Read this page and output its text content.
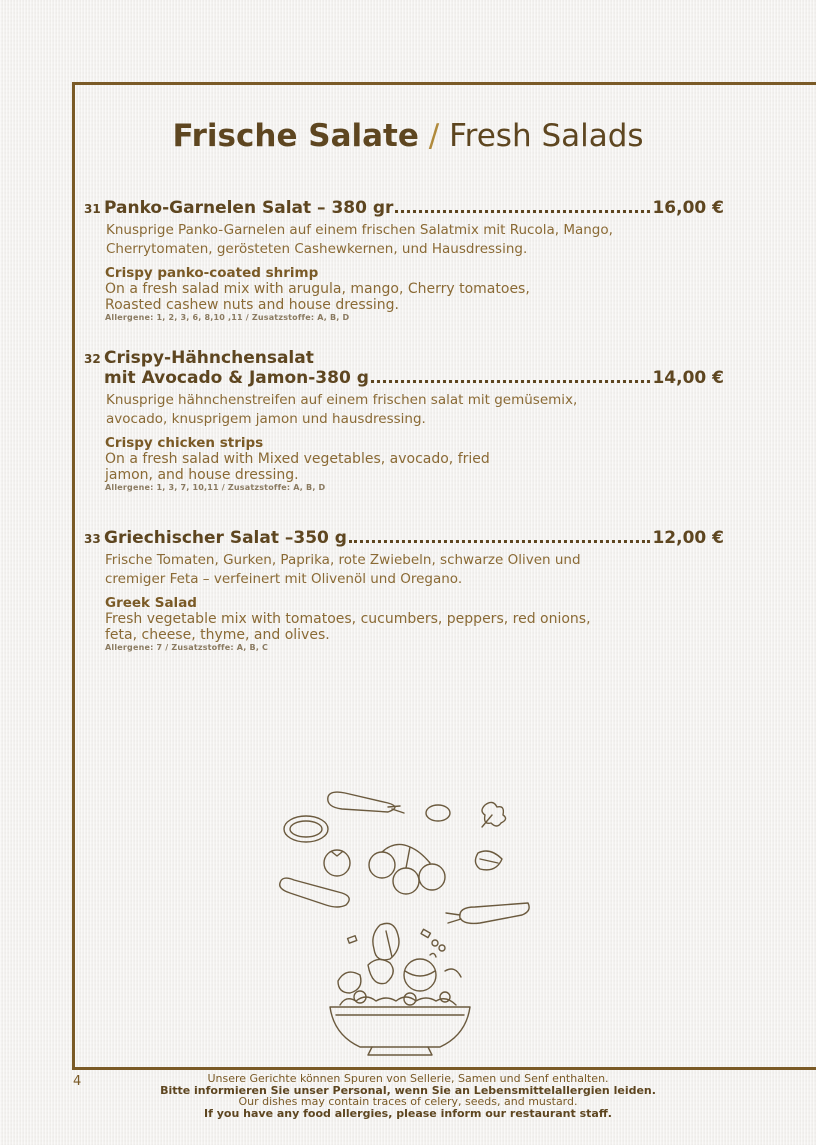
Frische Salate / Fresh Salads
31 Panko-Garnelen Salat – 380 gr	16,00 €
Knusprige Panko-Garnelen auf einem frischen Salatmix mit Rucola, Mango,
Cherrytomaten, gerösteten Cashewkernen, und Hausdressing.
Crispy panko-coated shrimp
On a fresh salad mix with arugula, mango, Cherry tomatoes,
Roasted cashew nuts and house dressing.
Allergene: 1, 2, 3, 6, 8,10 ,11 / Zusatzstoffe: A, B, D
32 Crispy-Hähnchensalat
mit Avocado & Jamon-380 g	14,00 €
Knusprige hähnchenstreifen auf einem frischen salat mit gemüsemix,
avocado, knusprigem jamon und hausdressing.
Crispy chicken strips
On a fresh salad with Mixed vegetables, avocado, fried
jamon, and house dressing.
Allergene: 1, 3, 7, 10,11 / Zusatzstoffe: A, B, D
33 Griechischer Salat –350 g	12,00 €
Frische Tomaten, Gurken, Paprika, rote Zwiebeln, schwarze Oliven und
cremiger Feta – verfeinert mit Olivenöl und Oregano.
Greek Salad
Fresh vegetable mix with tomatoes, cucumbers, peppers, red onions,
feta, cheese, thyme, and olives.
Allergene: 7 / Zusatzstoffe: A, B, C
4	Unsere Gerichte können Spuren von Sellerie, Samen und Senf enthalten.
Bitte informieren Sie unser Personal, wenn Sie an Lebensmittelallergien leiden.
Our dishes may contain traces of celery, seeds, and mustard.
If you have any food allergies, please inform our restaurant staff.
